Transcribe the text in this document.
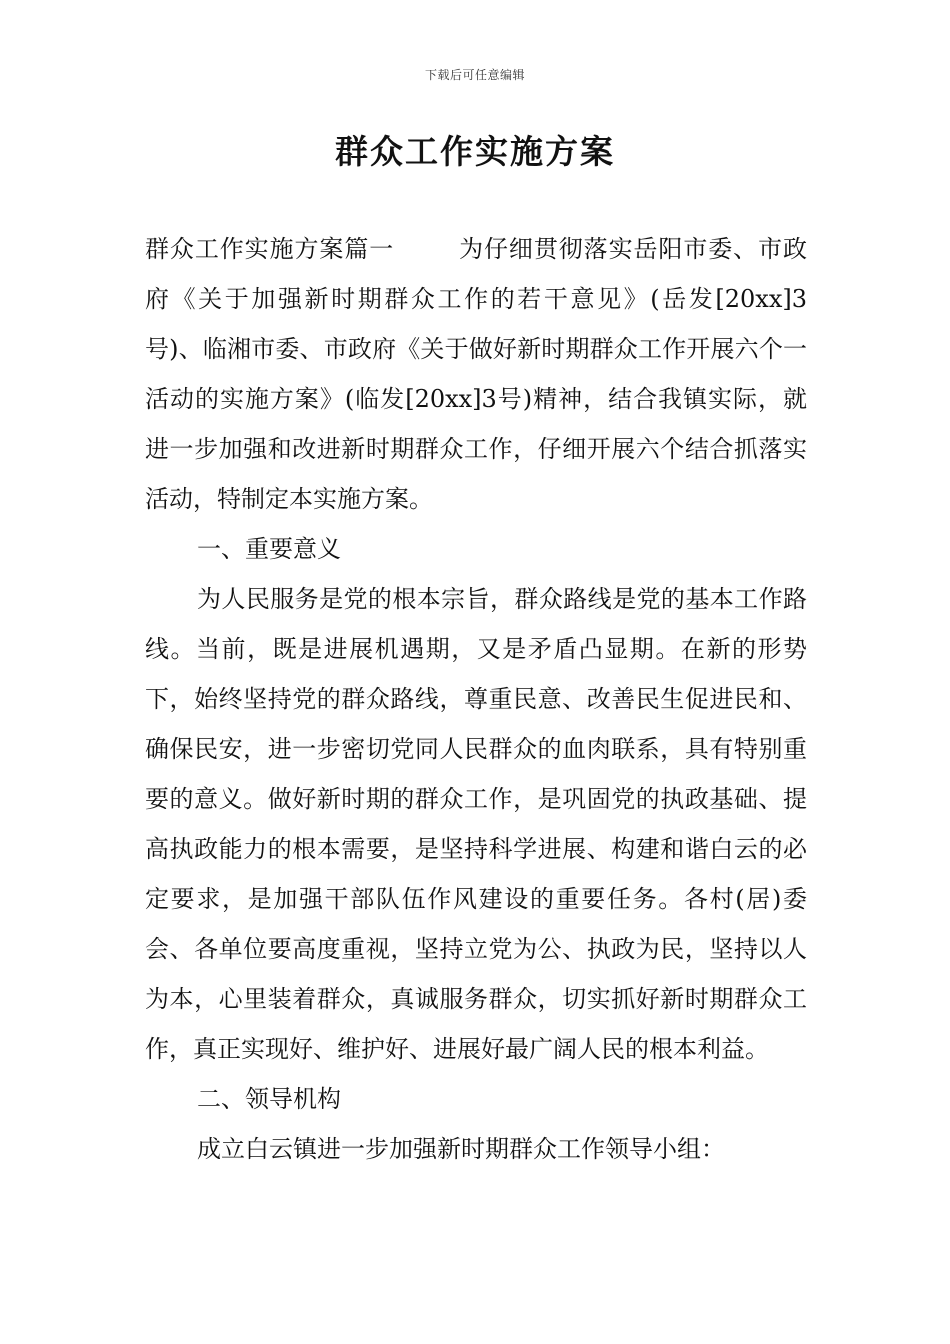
下载后可任意编辑
群众工作实施方案

群众工作实施方案篇一	为仔细贯彻落实岳阳市委、市政府《关于加强新时期群众工作的若干意见》(岳发[20xx]3号)、临湘市委、市政府《关于做好新时期群众工作开展六个一活动的实施方案》(临发[20xx]3号)精神，结合我镇实际，就进一步加强和改进新时期群众工作，仔细开展六个结合抓落实活动，特制定本实施方案。

一、重要意义

为人民服务是党的根本宗旨，群众路线是党的基本工作路线。当前，既是进展机遇期，又是矛盾凸显期。在新的形势下，始终坚持党的群众路线，尊重民意、改善民生促进民和、确保民安，进一步密切党同人民群众的血肉联系，具有特别重要的意义。做好新时期的群众工作，是巩固党的执政基础、提高执政能力的根本需要，是坚持科学进展、构建和谐白云的必定要求，是加强干部队伍作风建设的重要任务。各村(居)委会、各单位要高度重视，坚持立党为公、执政为民，坚持以人为本，心里装着群众，真诚服务群众，切实抓好新时期群众工作，真正实现好、维护好、进展好最广阔人民的根本利益。

二、领导机构

成立白云镇进一步加强新时期群众工作领导小组：
